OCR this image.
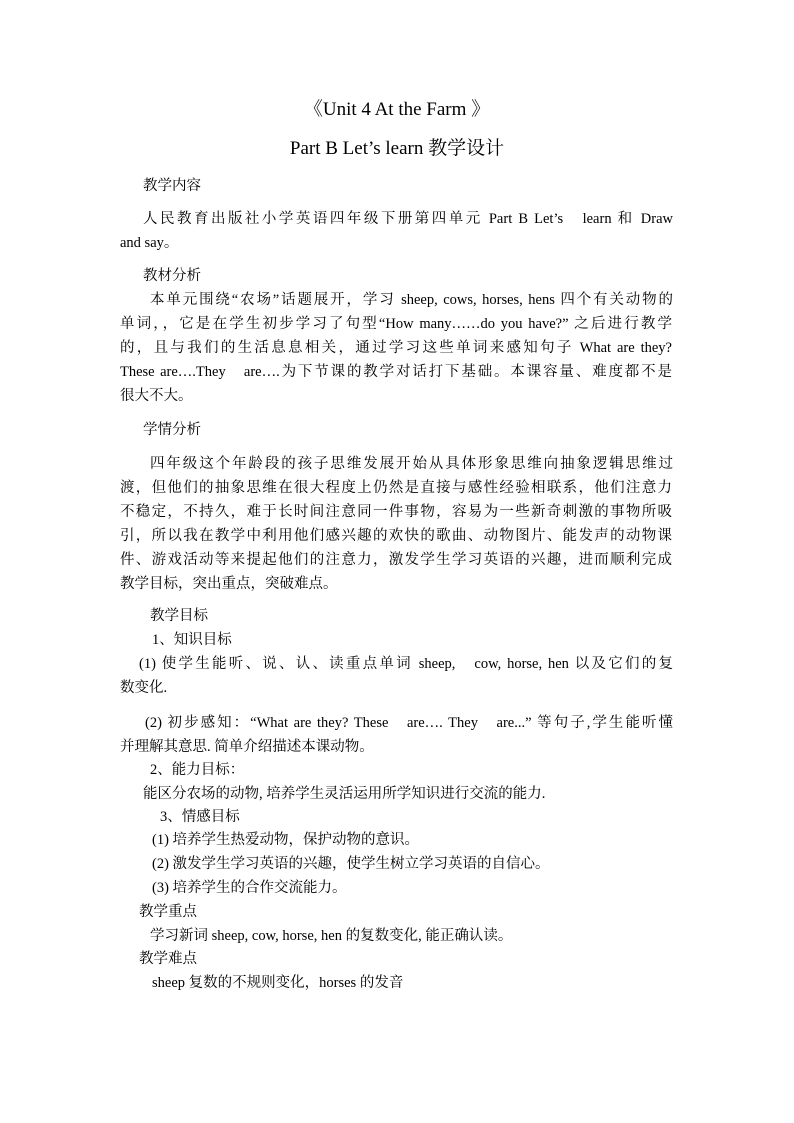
《Unit 4 At the Farm 》
Part B Let’s learn 教学设计
教学内容
人民教育出版社小学英语四年级下册第四单元 Part B Let’s　learn 和 Draw
and say。
教材分析
本单元围绕“农场”话题展开，学习 sheep, cows, horses, hens 四个有关动物的
单词，，它是在学生初步学习了句型“How many……do you have?” 之后进行教学
的，且与我们的生活息息相关，通过学习这些单词来感知句子 What are they?
These are….They　are….为下节课的教学对话打下基础。本课容量、难度都不是
很大不大。
学情分析
四年级这个年龄段的孩子思维发展开始从具体形象思维向抽象逻辑思维过
渡，但他们的抽象思维在很大程度上仍然是直接与感性经验相联系，他们注意力
不稳定，不持久，难于长时间注意同一件事物，容易为一些新奇刺激的事物所吸
引，所以我在教学中利用他们感兴趣的欢快的歌曲、动物图片、能发声的动物课
件、游戏活动等来提起他们的注意力，激发学生学习英语的兴趣，进而顺利完成
教学目标，突出重点，突破难点。
教学目标
1、知识目标
(1) 使学生能听、说、认、读重点单词 sheep,　cow, horse, hen 以及它们的复
数变化.
(2) 初步感知：“What are they? These　are…. They　are...” 等句子,学生能听懂
并理解其意思. 简单介绍描述本课动物。
2、能力目标：
能区分农场的动物, 培养学生灵活运用所学知识进行交流的能力.
3、情感目标
(1) 培养学生热爱动物，保护动物的意识。
(2) 激发学生学习英语的兴趣，使学生树立学习英语的自信心。
(3) 培养学生的合作交流能力。
教学重点
学习新词 sheep, cow, horse, hen 的复数变化, 能正确认读。
教学难点
sheep 复数的不规则变化，horses 的发音
